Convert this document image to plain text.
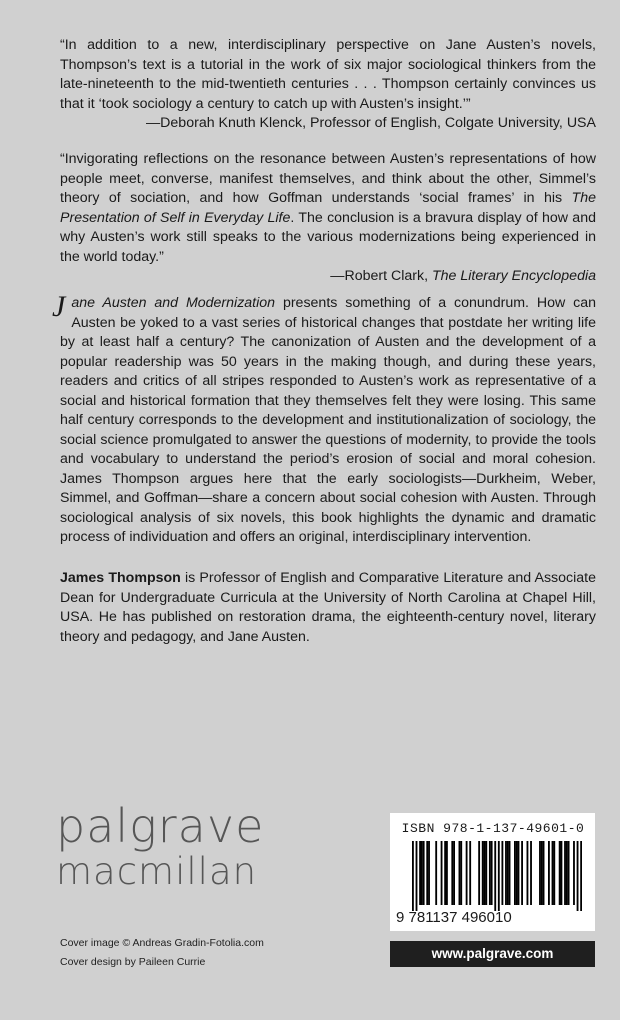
“In addition to a new, interdisciplinary perspective on Jane Austen’s novels, Thompson’s text is a tutorial in the work of six major sociological thinkers from the late-nineteenth to the mid-twentieth centuries . . . Thompson certainly convinces us that it ‘took sociology a century to catch up with Austen’s insight.’”

—Deborah Knuth Klenck, Professor of English, Colgate University, USA

“Invigorating reflections on the resonance between Austen’s representations of how people meet, converse, manifest themselves, and think about the other, Simmel’s theory of sociation, and how Goffman understands ‘social frames’ in his The Presentation of Self in Everyday Life. The conclusion is a bravura display of how and why Austen’s work still speaks to the various modernizations being experienced in the world today.”

—Robert Clark, The Literary Encyclopedia

Jane Austen and Modernization presents something of a conundrum. How can Austen be yoked to a vast series of historical changes that postdate her writing life by at least half a century? The canonization of Austen and the development of a popular readership was 50 years in the making though, and during these years, readers and critics of all stripes responded to Austen’s work as representative of a social and historical formation that they themselves felt they were losing. This same half century corresponds to the development and institutionalization of sociology, the social science promulgated to answer the questions of modernity, to provide the tools and vocabulary to understand the period’s erosion of social and moral cohesion. James Thompson argues here that the early sociologists—Durkheim, Weber, Simmel, and Goffman—share a concern about social cohesion with Austen. Through sociological analysis of six novels, this book highlights the dynamic and dramatic process of individuation and offers an original, interdisciplinary intervention.

James Thompson is Professor of English and Comparative Literature and Associate Dean for Undergraduate Curricula at the University of North Carolina at Chapel Hill, USA. He has published on restoration drama, the eighteenth-century novel, literary theory and pedagogy, and Jane Austen.

palgrave
macmillan
ISBN 978-1-137-49601-0
9 781137 496010
www.palgrave.com
Cover image © Andreas Gradin-Fotolia.com
Cover design by Paileen Currie
